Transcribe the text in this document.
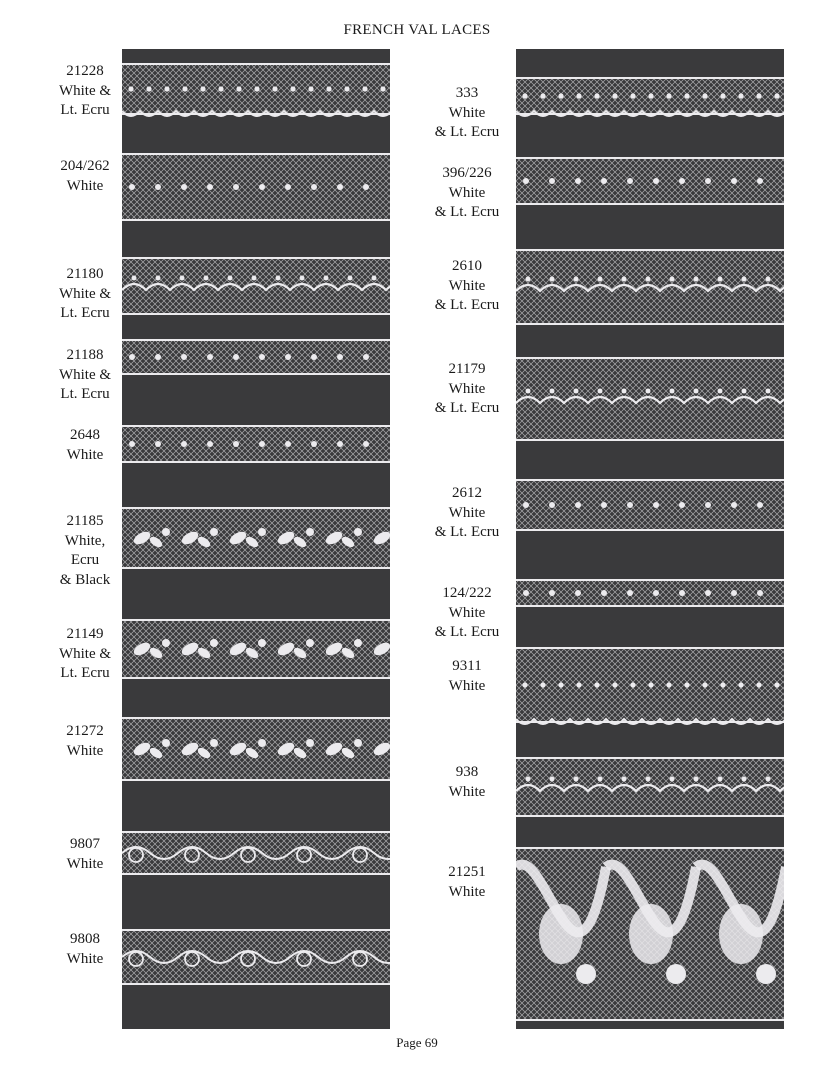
FRENCH VAL LACES
21228
White &
Lt. Ecru
204/262
White
21180
White &
Lt. Ecru
21188
White &
Lt. Ecru
2648
White
21185
White,
Ecru
& Black
21149
White &
Lt. Ecru
21272
White
9807
White
9808
White
333
White
& Lt. Ecru
396/226
White
& Lt. Ecru
2610
White
& Lt. Ecru
21179
White
& Lt. Ecru
2612
White
& Lt. Ecru
124/222
White
& Lt. Ecru
9311
White
938
White
21251
White
Page 69
